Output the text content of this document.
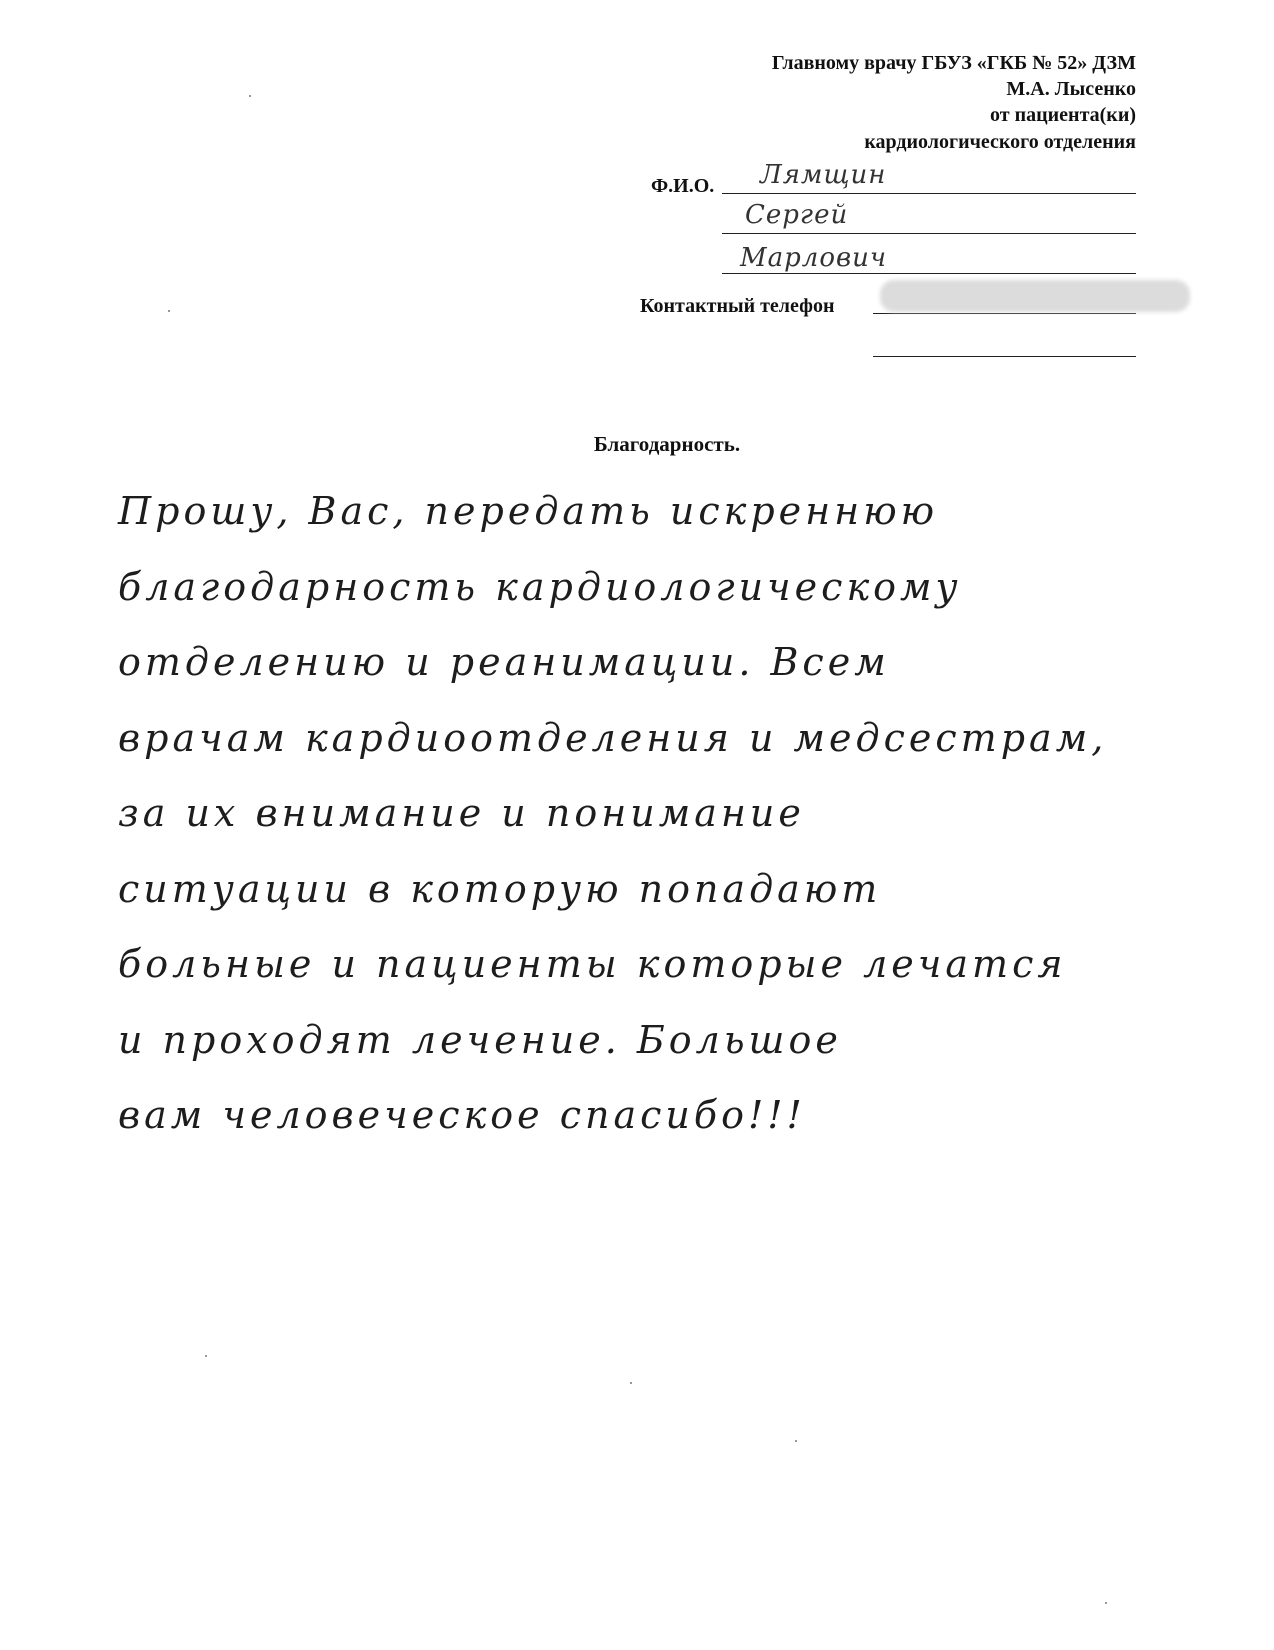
Главному врачу ГБУЗ «ГКБ № 52» ДЗМ
М.А. Лысенко
от пациента(ки)
кардиологического отделения
Ф.И.О. Лямщин
Сергей
Марлович
Контактный телефон
Благодарность.
Прошу, Вас, передать искреннюю
благодарность кардиологическому
отделению и реанимации. Всем
врачам кардиоотделения и медсестрам,
за их внимание и понимание
ситуации в которую попадают
больные и пациенты которые лечатся
и проходят лечение. Большое
вам человеческое спасибо!!!
